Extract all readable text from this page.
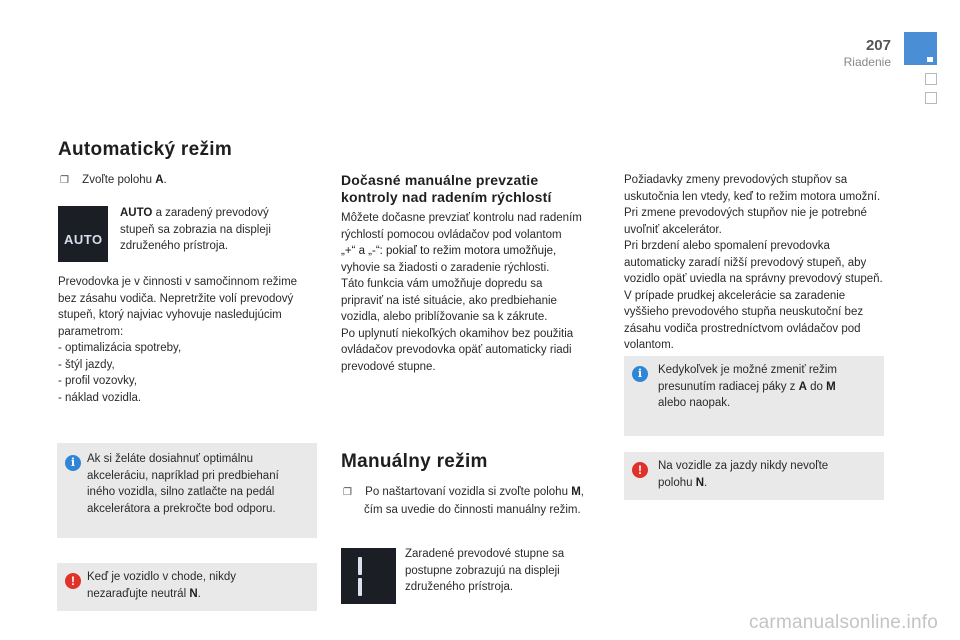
207
Riadenie
Automatický režim
❐ Zvoľte polohu A.
AUTO
AUTO a zaradený prevodový
stupeň sa zobrazia na displeji
združeného prístroja.
Prevodovka je v činnosti v samočinnom režime
bez zásahu vodiča. Nepretržite volí prevodový
stupeň, ktorý najviac vyhovuje nasledujúcim
parametrom:
- optimalizácia spotreby,
- štýl jazdy,
- profil vozovky,
- náklad vozidla.
i	Ak si želáte dosiahnuť optimálnu
akceleráciu, napríklad pri predbiehaní
iného vozidla, silno zatlačte na pedál
akcelerátora a prekročte bod odporu.
!	Keď je vozidlo v chode, nikdy
nezaraďujte neutrál N.
Dočasné manuálne prevzatie
kontroly nad radením rýchlostí
Môžete dočasne prevziať kontrolu nad radením
rýchlostí pomocou ovládačov pod volantom
„+“ a „-“: pokiaľ to režim motora umožňuje,
vyhovie sa žiadosti o zaradenie rýchlosti.
Táto funkcia vám umožňuje dopredu sa
pripraviť na isté situácie, ako predbiehanie
vozidla, alebo priblížovanie sa k zákrute.
Po uplynutí niekoľkých okamihov bez použitia
ovládačov prevodovka opäť automaticky riadi
prevodové stupne.
Manuálny režim
❐ Po naštartovaní vozidla si zvoľte polohu M,
čím sa uvedie do činnosti manuálny režim.
Zaradené prevodové stupne sa
postupne zobrazujú na displeji
združeného prístroja.
Požiadavky zmeny prevodových stupňov sa
uskutočnia len vtedy, keď to režim motora umožní.
Pri zmene prevodových stupňov nie je potrebné
uvoľniť akcelerátor.
Pri brzdení alebo spomalení prevodovka
automaticky zaradí nižší prevodový stupeň, aby
vozidlo opäť uviedla na správny prevodový stupeň.
V prípade prudkej akcelerácie sa zaradenie
vyššieho prevodového stupňa neuskutoční bez
zásahu vodiča prostredníctvom ovládačov pod
volantom.
i	Kedykoľvek je možné zmeniť režim
presunutím radiacej páky z A do M
alebo naopak.
!	Na vozidle za jazdy nikdy nevoľte
polohu N.
carmanualsonline.info
